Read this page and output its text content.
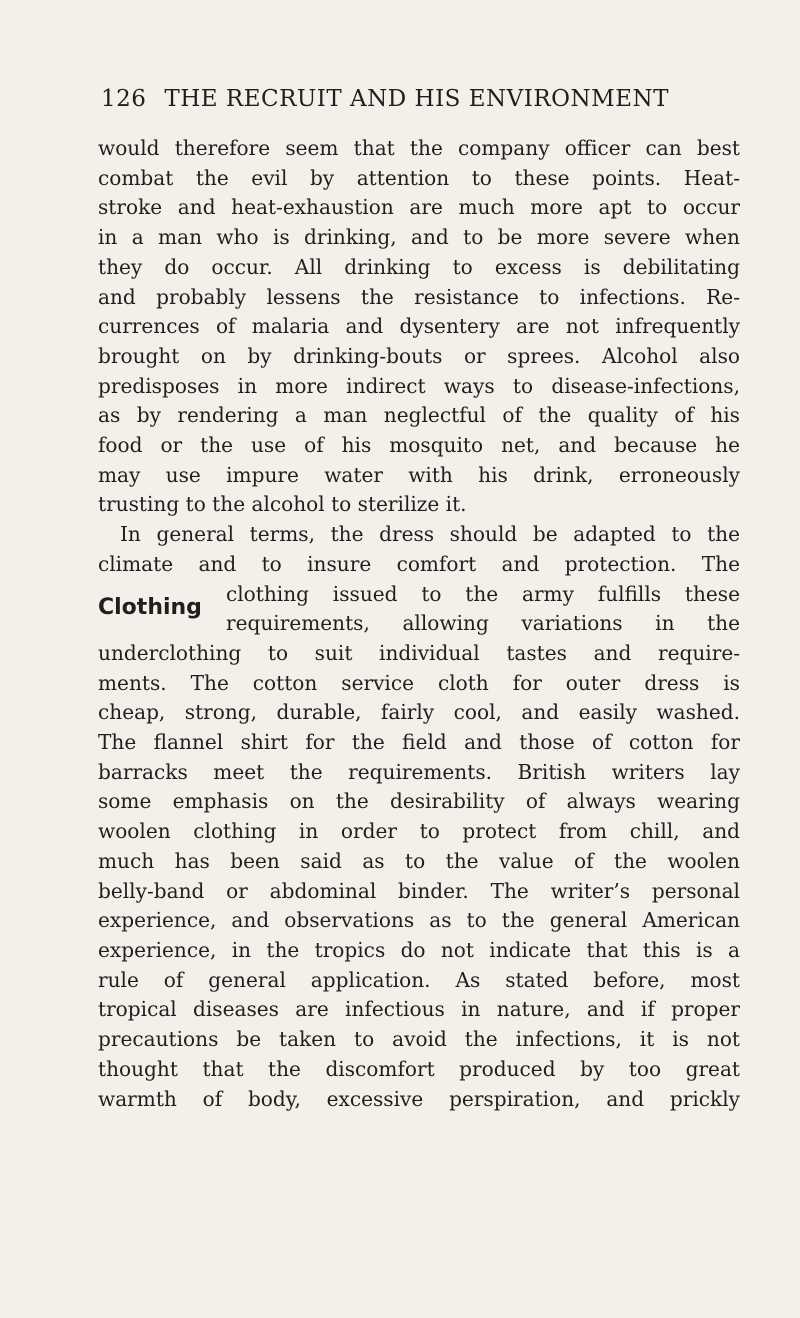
126 THE RECRUIT AND HIS ENVIRONMENT
would therefore seem that the company officer can best
combat the evil by attention to these points. Heat-
stroke and heat-exhaustion are much more apt to occur
in a man who is drinking, and to be more severe when
they do occur. All drinking to excess is debilitating
and probably lessens the resistance to infections. Re-
currences of malaria and dysentery are not infrequently
brought on by drinking-bouts or sprees. Alcohol also
predisposes in more indirect ways to disease-infections,
as by rendering a man neglectful of the quality of his
food or the use of his mosquito net, and because he
may use impure water with his drink, erroneously
trusting to the alcohol to sterilize it.
In general terms, the dress should be adapted to the
climate and to insure comfort and protection. The
Clothing
clothing issued to the army fulfills these
requirements, allowing variations in the
underclothing to suit individual tastes and require-
ments. The cotton service cloth for outer dress is
cheap, strong, durable, fairly cool, and easily washed.
The flannel shirt for the field and those of cotton for
barracks meet the requirements. British writers lay
some emphasis on the desirability of always wearing
woolen clothing in order to protect from chill, and
much has been said as to the value of the woolen
belly-band or abdominal binder. The writer’s personal
experience, and observations as to the general American
experience, in the tropics do not indicate that this is a
rule of general application. As stated before, most
tropical diseases are infectious in nature, and if proper
precautions be taken to avoid the infections, it is not
thought that the discomfort produced by too great
warmth of body, excessive perspiration, and prickly
